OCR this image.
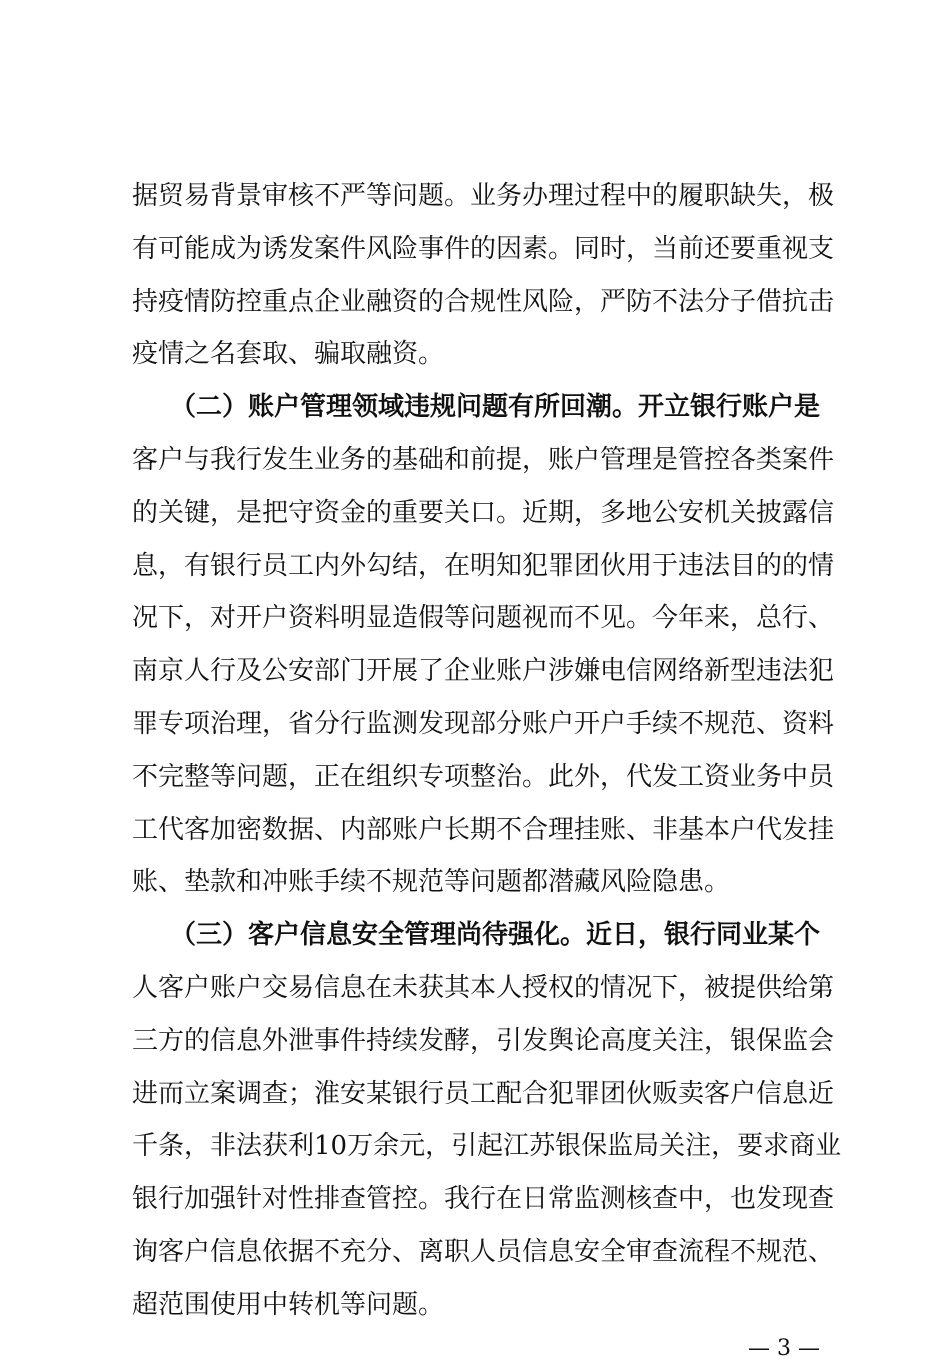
据贸易背景审核不严等问题。业务办理过程中的履职缺失，极
有可能成为诱发案件风险事件的因素。同时，当前还要重视支
持疫情防控重点企业融资的合规性风险，严防不法分子借抗击
疫情之名套取、骗取融资。
（二）账户管理领域违规问题有所回潮。开立银行账户是
客户与我行发生业务的基础和前提，账户管理是管控各类案件
的关键，是把守资金的重要关口。近期，多地公安机关披露信
息，有银行员工内外勾结，在明知犯罪团伙用于违法目的的情
况下，对开户资料明显造假等问题视而不见。今年来，总行、
南京人行及公安部门开展了企业账户涉嫌电信网络新型违法犯
罪专项治理，省分行监测发现部分账户开户手续不规范、资料
不完整等问题，正在组织专项整治。此外，代发工资业务中员
工代客加密数据、内部账户长期不合理挂账、非基本户代发挂
账、垫款和冲账手续不规范等问题都潜藏风险隐患。
（三）客户信息安全管理尚待强化。近日，银行同业某个
人客户账户交易信息在未获其本人授权的情况下，被提供给第
三方的信息外泄事件持续发酵，引发舆论高度关注，银保监会
进而立案调查；淮安某银行员工配合犯罪团伙贩卖客户信息近
千条，非法获利10万余元，引起江苏银保监局关注，要求商业
银行加强针对性排查管控。我行在日常监测核查中，也发现查
询客户信息依据不充分、离职人员信息安全审查流程不规范、
— 3 —
超范围使用中转机等问题。
